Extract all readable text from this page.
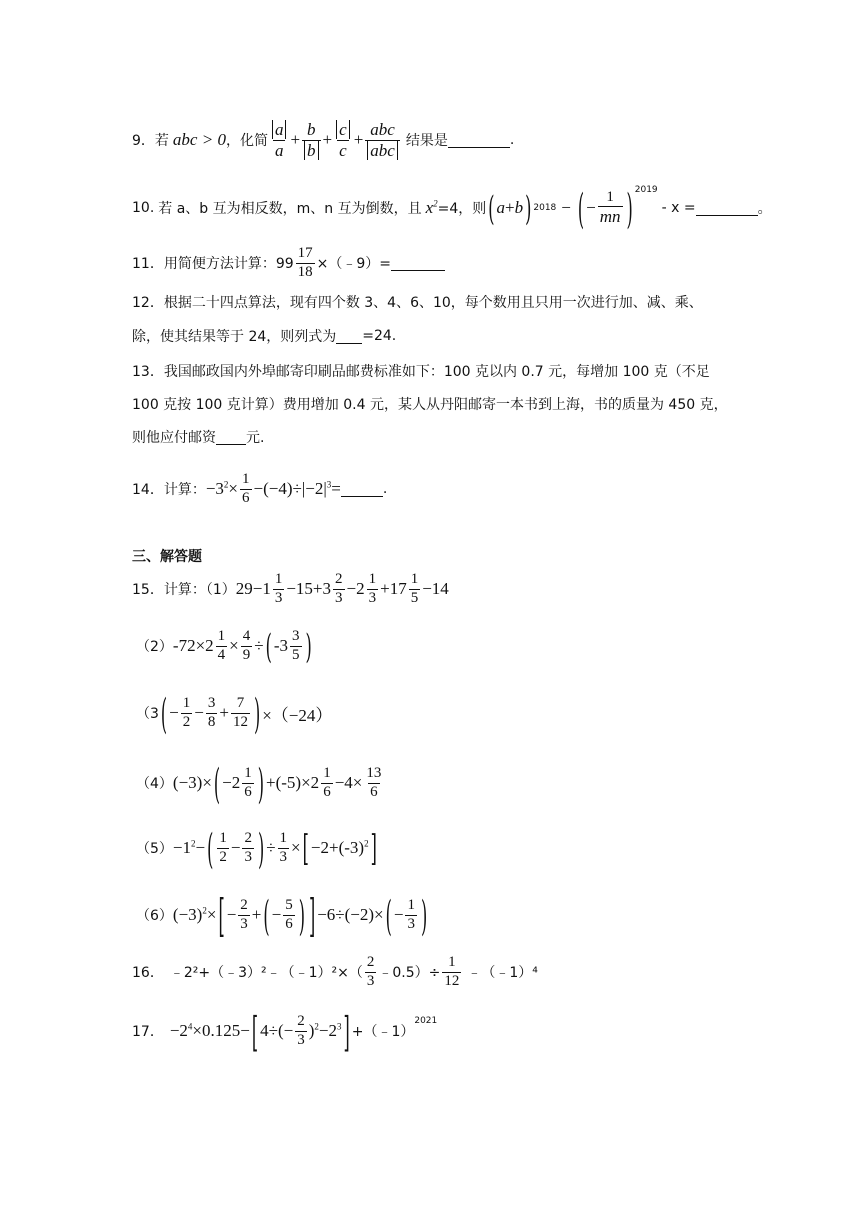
9． 若 abc > 0 ，化简 $\frac{a}{a} + \frac{b}{b} + \frac{c}{c} + \frac{\text{abc}}{\text{abc}}$ 结果是	.
10. 若 a、b 互为相反数，m、n 互为倒数，且 $x^2 =4$，则 ( a + b ) 2018 − ( − $\frac{1}{mn} )^{2019}$
- x =	。
11． 用简便方法计算：$99 \frac{17}{18}$ ×（﹣9）=
12．根据二十四点算法，现有四个数 3、4、6、10，每个数用且只用一次进行加、减、乘、
除，使其结果等于 24，则列式为 =24.
13．我国邮政国内外埠邮寄印刷品邮费标准如下：100 克以内 0.7 元，每增加 100 克（不足
100 克按 100 克计算）费用增加 0.4 元，某人从丹阳邮寄一本书到上海，书的质量为 450 克，
则他应付邮资 元.
14． 计算： $-3^2\times \frac{1}{6} -(-4)\div|-2|^3=$	.
三、解答题
15． 计算：（1） $29-1 \frac{1}{3} -15+3 \frac{2}{3} -2 \frac{1}{3} +17 \frac{1}{5} -14$
（2） $-72\times 2 \frac{1}{4} \times \frac{4}{9}$ ÷ ( $-3 \frac{3}{5}$ )
（3 ( − $\frac{1}{2} - \frac{3}{8} + \frac{7}{12}$ ) ×（−24）
（4） (−3)× ( $-2 \frac{1}{6}$ ) $+(-5)\times 2 \frac{1}{6} -4\times \frac{13}{6}$
$(5) -1^2-$ ( $\frac{1}{2} - \frac{2}{3}$ ) ÷ $\frac{1}{3}$ × [ $-2+(-3)^2$ ]
（6） $(-3)^2\times$ [ − $\frac{2}{3}$ + ( − $\frac{5}{6}$ ) ] −6÷(−2)× ( − $\frac{1}{3}$ )
16． ﹣2²+（﹣3）²﹣（﹣1）²×（ $\frac{2}{3}$ ﹣0.5）÷ $\frac{1}{12}$ ﹣（﹣1）⁴
17． $-2^4\times 0.125-$ [ $4\div(- \frac{2}{3} )^2-2^3$ ] +（﹣1）
$^{2021}$
